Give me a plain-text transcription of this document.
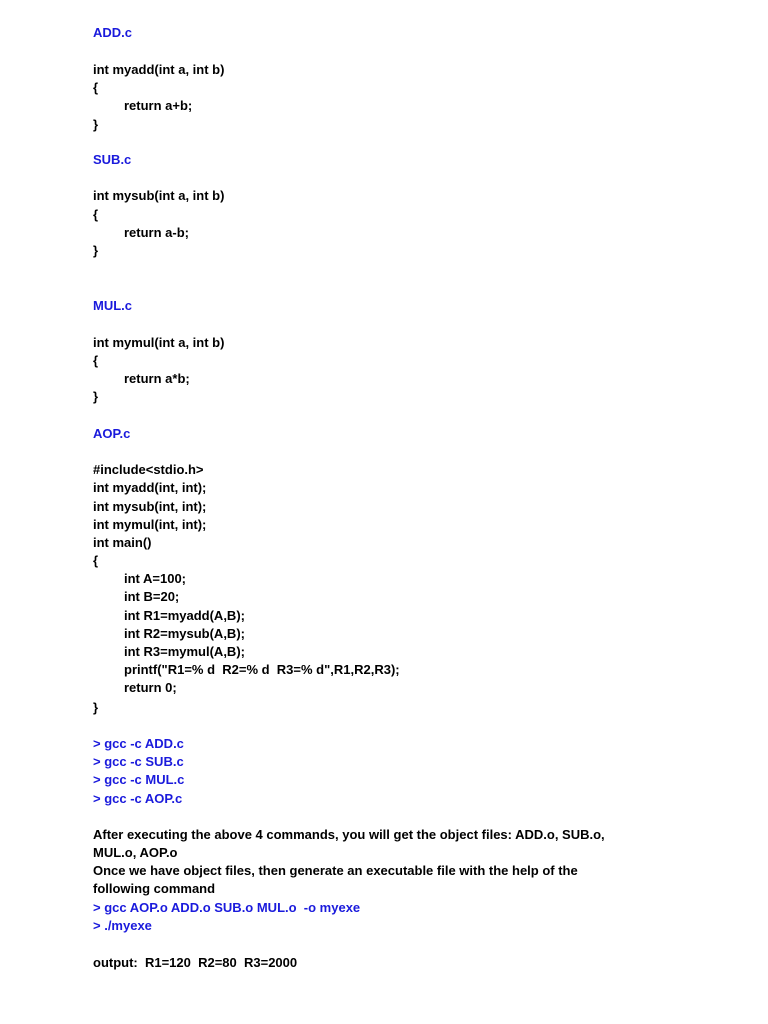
ADD.c
int myadd(int a, int b)
{
return a+b;
}
SUB.c
int mysub(int a, int b)
{
return a-b;
}
MUL.c
int mymul(int a, int b)
{
return a*b;
}
AOP.c
#include<stdio.h>
int myadd(int, int);
int mysub(int, int);
int mymul(int, int);
int main()
{
int A=100;
int B=20;
int R1=myadd(A,B);
int R2=mysub(A,B);
int R3=mymul(A,B);
printf("R1=% d  R2=% d  R3=% d",R1,R2,R3);
return 0;
}
> gcc -c ADD.c
> gcc -c SUB.c
> gcc -c MUL.c
> gcc -c AOP.c
After executing the above 4 commands, you will get the object files: ADD.o, SUB.o,
MUL.o, AOP.o
Once we have object files, then generate an executable file with the help of the
following command
> gcc AOP.o ADD.o SUB.o MUL.o  -o myexe
> ./myexe
output:  R1=120  R2=80  R3=2000
